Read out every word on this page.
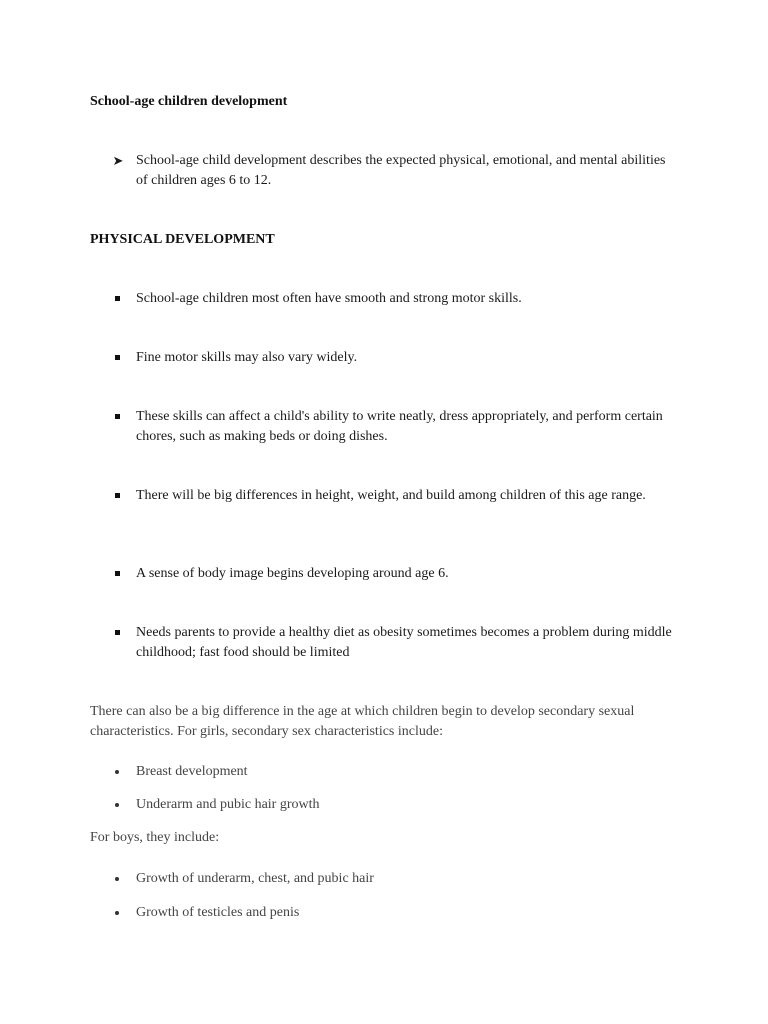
School-age children development
➤ School-age child development describes the expected physical, emotional, and mental abilities of children ages 6 to 12.
PHYSICAL DEVELOPMENT
School-age children most often have smooth and strong motor skills.
Fine motor skills may also vary widely.
These skills can affect a child's ability to write neatly, dress appropriately, and perform certain chores, such as making beds or doing dishes.
There will be big differences in height, weight, and build among children of this age range.
A sense of body image begins developing around age 6.
Needs parents to provide a healthy diet as obesity sometimes becomes a problem during middle childhood; fast food should be limited

There can also be a big difference in the age at which children begin to develop secondary sexual characteristics. For girls, secondary sex characteristics include:

Breast development
Underarm and pubic hair growth

For boys, they include:

Growth of underarm, chest, and pubic hair
Growth of testicles and penis
